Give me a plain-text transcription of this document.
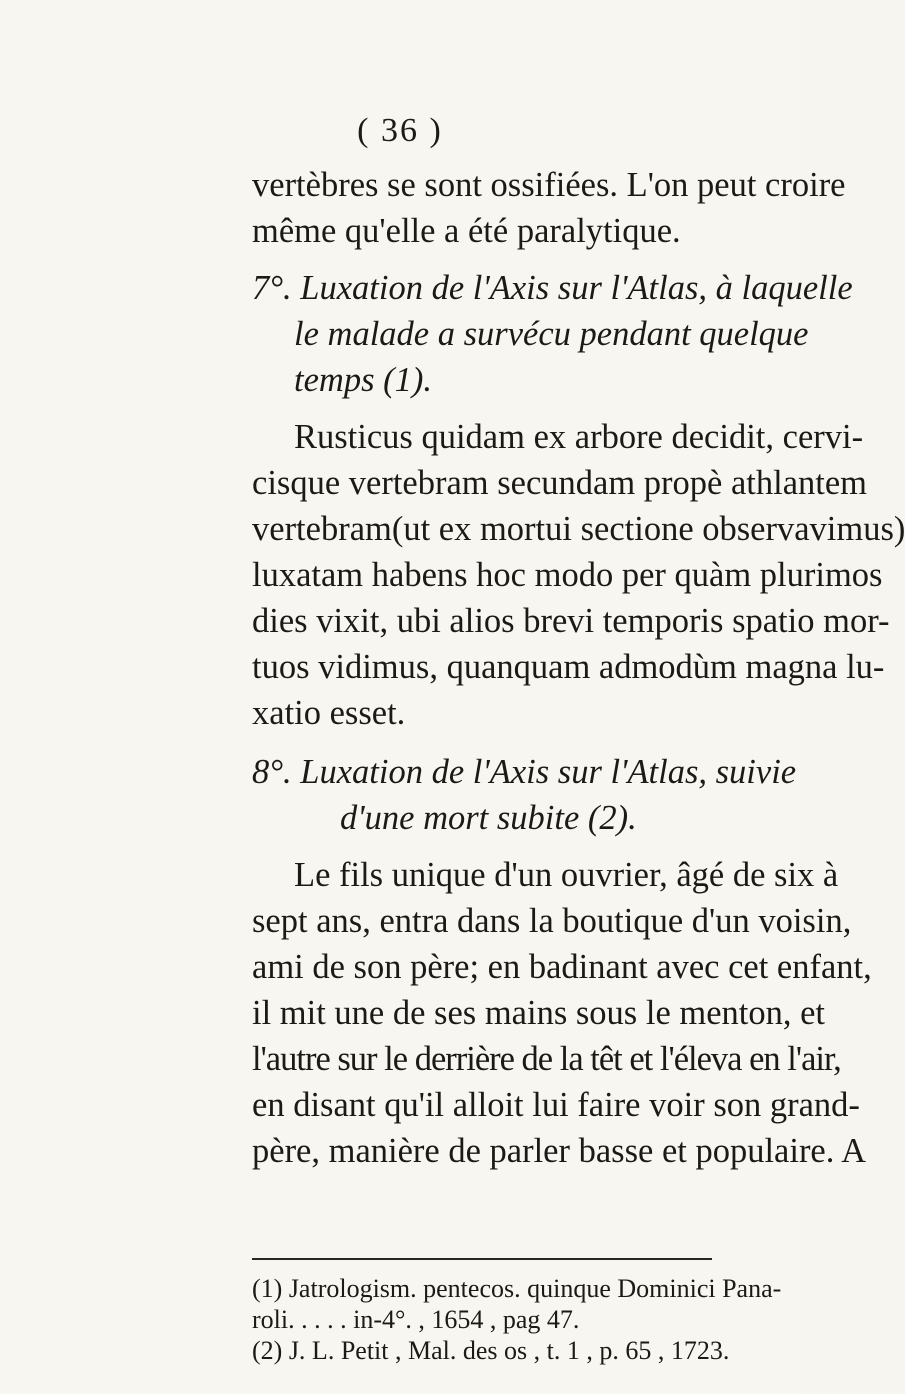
( 36 )
vertèbres se sont ossifiées. L'on peut croire
même qu'elle a été paralytique.
7°. Luxation de l'Axis sur l'Atlas, à laquelle
le malade a survécu pendant quelque
temps (1).
Rusticus quidam ex arbore decidit, cervi-
cisque vertebram secundam propè athlantem
vertebram(ut ex mortui sectione observavimus)
luxatam habens hoc modo per quàm plurimos
dies vixit, ubi alios brevi temporis spatio mor-
tuos vidimus, quanquam admodùm magna lu-
xatio esset.
8°. Luxation de l'Axis sur l'Atlas, suivie
d'une mort subite (2).
Le fils unique d'un ouvrier, âgé de six à
sept ans, entra dans la boutique d'un voisin,
ami de son père; en badinant avec cet enfant,
il mit une de ses mains sous le menton, et
l'autre sur le derrière de la têt et l'éleva en l'air,
en disant qu'il alloit lui faire voir son grand-
père, manière de parler basse et populaire. A
(1) Jatrologism. pentecos. quinque Dominici Pana-
roli. . . . . in-4°. , 1654 , pag 47.
(2) J. L. Petit , Mal. des os , t. 1 , p. 65 , 1723.
